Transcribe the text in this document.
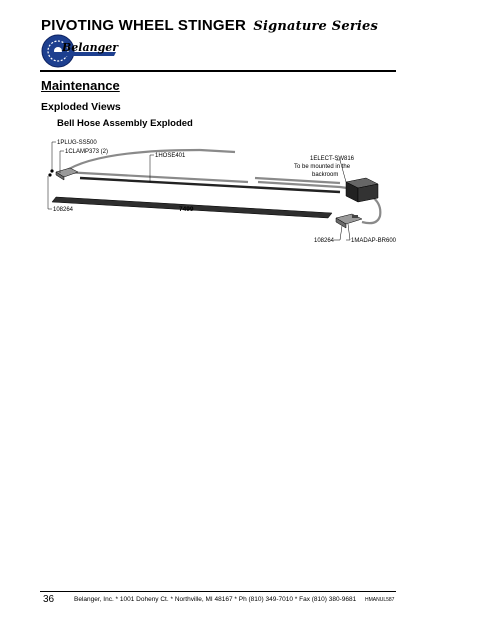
PIVOTING WHEEL STINGER Signature Series
Belanger
Maintenance
Exploded Views
Bell Hose Assembly Exploded
1PLUG-SS500
1CLAMP373 (2)
1HOSE401	1ELECT-SW816
To be mounted in the
backroom
108264	7499
108264	1MADAP-BR600
36	Belanger, Inc. * 1001 Doheny Ct. * Northville, MI 48167 * Ph (810) 349-7010 * Fax (810) 380-9681 HMANUL587
